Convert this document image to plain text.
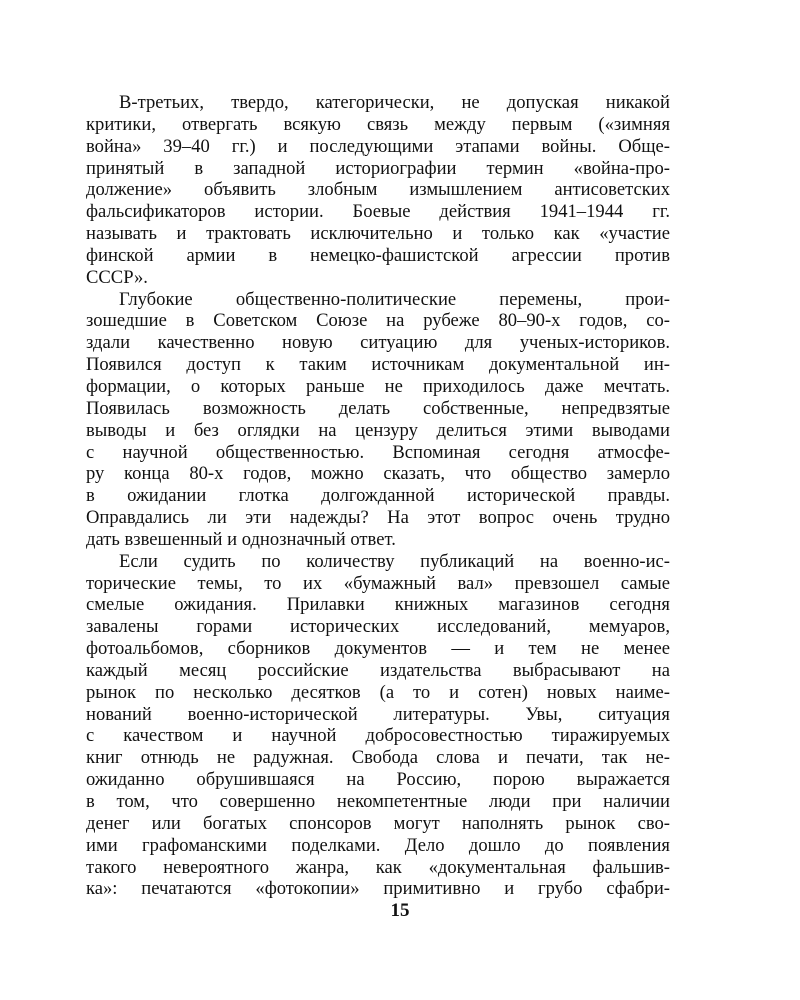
В-третьих, твердо, категорически, не допуская никакой
критики, отвергать всякую связь между первым («зимняя
война» 39–40 гг.) и последующими этапами войны. Обще-
принятый в западной историографии термин «война-про-
должение» объявить злобным измышлением антисоветских
фальсификаторов истории. Боевые действия 1941–1944 гг.
называть и трактовать исключительно и только как «участие
финской армии в немецко-фашистской агрессии против
СССР».
Глубокие общественно-политические перемены, прои-
зошедшие в Советском Союзе на рубеже 80–90-х годов, со-
здали качественно новую ситуацию для ученых-историков.
Появился доступ к таким источникам документальной ин-
формации, о которых раньше не приходилось даже мечтать.
Появилась возможность делать собственные, непредвзятые
выводы и без оглядки на цензуру делиться этими выводами
с научной общественностью. Вспоминая сегодня атмосфе-
ру конца 80-х годов, можно сказать, что общество замерло
в ожидании глотка долгожданной исторической правды.
Оправдались ли эти надежды? На этот вопрос очень трудно
дать взвешенный и однозначный ответ.
Если судить по количеству публикаций на военно-ис-
торические темы, то их «бумажный вал» превзошел самые
смелые ожидания. Прилавки книжных магазинов сегодня
завалены горами исторических исследований, мемуаров,
фотоальбомов, сборников документов — и тем не менее
каждый месяц российские издательства выбрасывают на
рынок по несколько десятков (а то и сотен) новых наиме-
нований военно-исторической литературы. Увы, ситуация
с качеством и научной добросовестностью тиражируемых
книг отнюдь не радужная. Свобода слова и печати, так не-
ожиданно обрушившаяся на Россию, порою выражается
в том, что совершенно некомпетентные люди при наличии
денег или богатых спонсоров могут наполнять рынок сво-
ими графоманскими поделками. Дело дошло до появления
такого невероятного жанра, как «документальная фальшив-
ка»: печатаются «фотокопии» примитивно и грубо сфабри-
15
